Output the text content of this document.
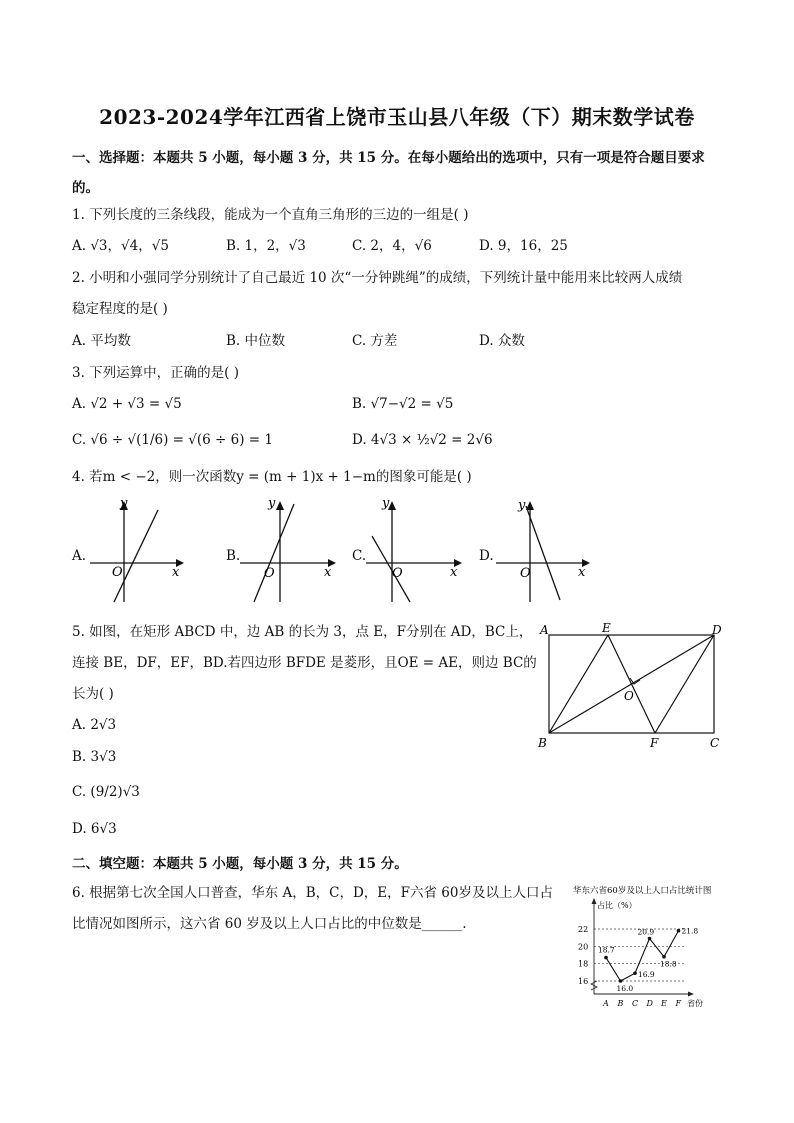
2023-2024学年江西省上饶市玉山县八年级（下）期末数学试卷
一、选择题：本题共 5 小题，每小题 3 分，共 15 分。在每小题给出的选项中，只有一项是符合题目要求
的。
1. 下列长度的三条线段，能成为一个直角三角形的三边的一组是( )
A. √3，√4，√5	B. 1，2，√3	C. 2，4，√6	D. 9，16，25
2. 小明和小强同学分别统计了自己最近 10 次“一分钟跳绳”的成绩，下列统计量中能用来比较两人成绩
稳定程度的是( )
A. 平均数	B. 中位数	C. 方差	D. 众数
3. 下列运算中，正确的是( )
A. √2 + √3 = √5	B. √7−√2 = √5
C. √6 ÷ √(1/6) = √(6 ÷ 6) = 1	D. 4√3 × ½√2 = 2√6
4. 若m < −2，则一次函数y = (m + 1)x + 1−m的图象可能是( )
A.
y
x
O
B.
y
x
O
C.
y
x
O
D.
y
x
O
5. 如图，在矩形 ABCD 中，边 AB 的长为 3，点 E，F分别在 AD，BC上，
连接 BE，DF，EF，BD.若四边形 BFDE 是菱形，且OE = AE，则边 BC的
长为( )
A. 2√3
B. 3√3
C. (9/2)√3
D. 6√3
A	E	D
O
B	F	C
二、填空题：本题共 5 小题，每小题 3 分，共 15 分。
6. 根据第七次全国人口普查，华东 A，B，C，D，E，F六省 60岁及以上人口占
比情况如图所示，这六省 60 岁及以上人口占比的中位数是______.
华东六省60岁及以上人口占比统计图
占比（%）
省份
16
18
20
22
A B C D E F
18.7
16.0
16.9
20.9
18.8
21.8
